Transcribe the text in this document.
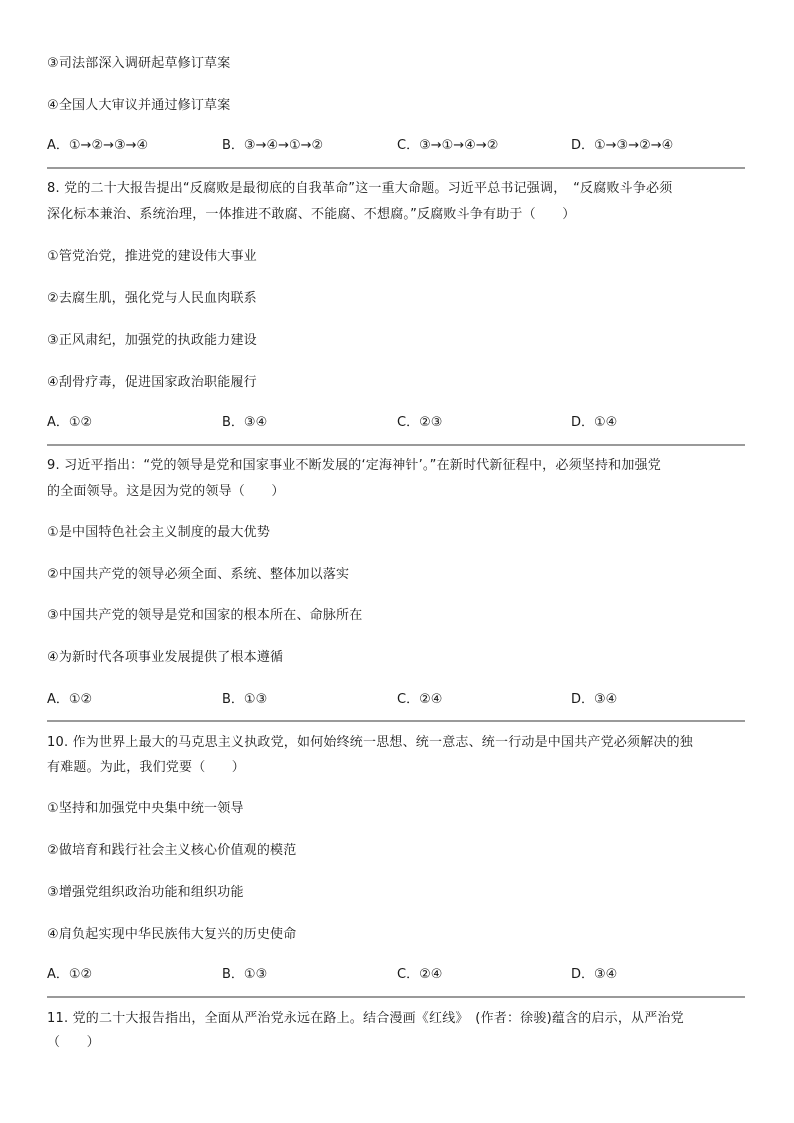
③司法部深入调研起草修订草案
④全国人大审议并通过修订草案
A．①→②→③→④	B．③→④→①→②	C．③→①→④→②	D．①→③→②→④
8. 党的二十大报告提出“反腐败是最彻底的自我革命”这一重大命题。习近平总书记强调，　“反腐败斗争必须
深化标本兼治、系统治理，一体推进不敢腐、不能腐、不想腐。”反腐败斗争有助于（　　）
①管党治党，推进党的建设伟大事业
②去腐生肌，强化党与人民血肉联系
③正风肃纪，加强党的执政能力建设
④刮骨疗毒，促进国家政治职能履行
A．①②	B．③④	C．②③	D．①④
9. 习近平指出：“党的领导是党和国家事业不断发展的‘定海神针’。”在新时代新征程中，必须坚持和加强党
的全面领导。这是因为党的领导（　　）
①是中国特色社会主义制度的最大优势
②中国共产党的领导必须全面、系统、整体加以落实
③中国共产党的领导是党和国家的根本所在、命脉所在
④为新时代各项事业发展提供了根本遵循
A．①②	B．①③	C．②④	D．③④
10. 作为世界上最大的马克思主义执政党，如何始终统一思想、统一意志、统一行动是中国共产党必须解决的独
有难题。为此，我们党要（　　）
①坚持和加强党中央集中统一领导
②做培育和践行社会主义核心价值观的模范
③增强党组织政治功能和组织功能
④肩负起实现中华民族伟大复兴的历史使命
A．①②	B．①③	C．②④	D．③④
11. 党的二十大报告指出，全面从严治党永远在路上。结合漫画《红线》　(作者：徐骏)蕴含的启示，从严治党
（　　）
